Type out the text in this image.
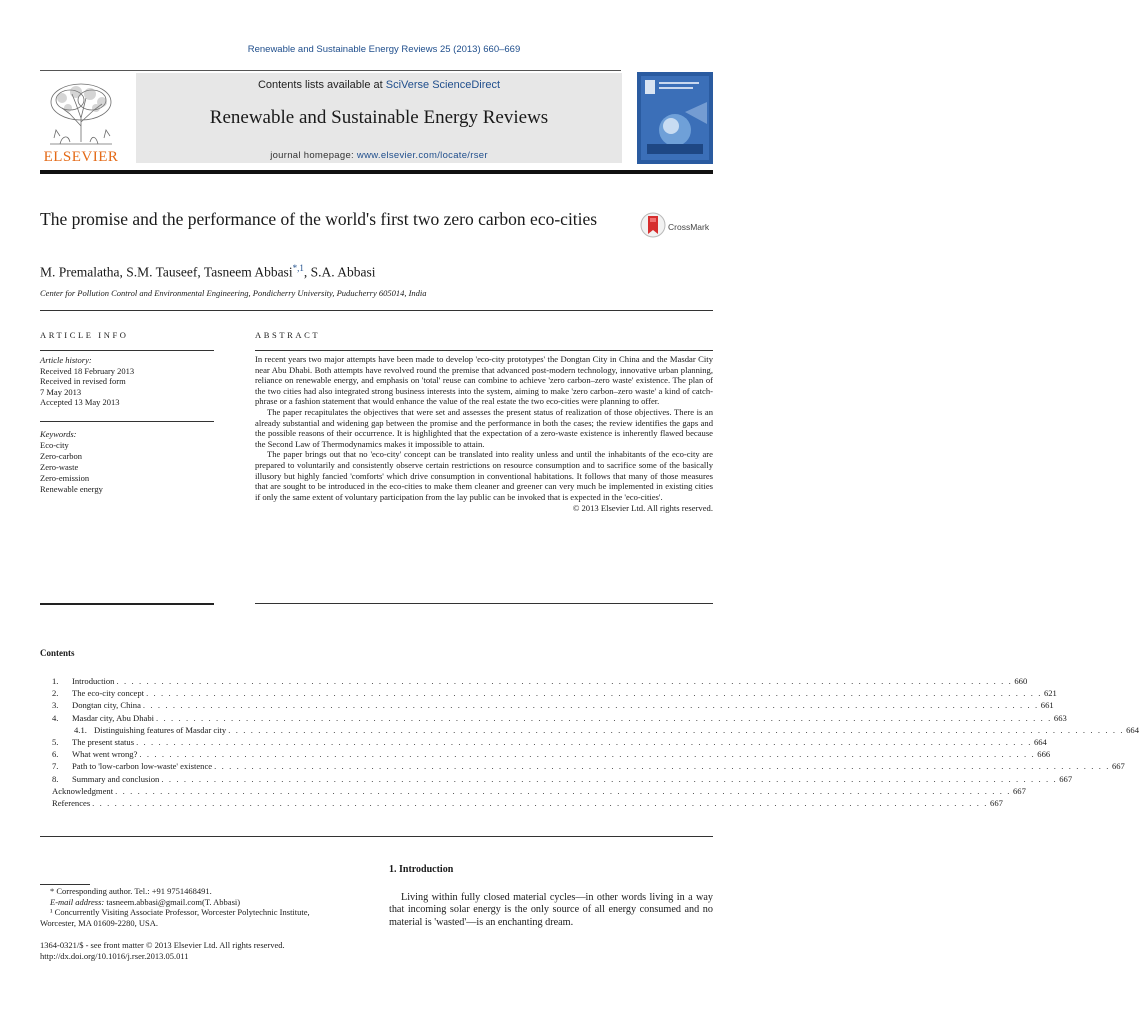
Renewable and Sustainable Energy Reviews 25 (2013) 660–669
ELSEVIER
Contents lists available at SciVerse ScienceDirect
Renewable and Sustainable Energy Reviews
journal homepage: www.elsevier.com/locate/rser
The promise and the performance of the world's first two zero carbon eco-cities	CrossMark
M. Premalatha, S.M. Tauseef, Tasneem Abbasi$^{*,1}$, S.A. Abbasi
Center for Pollution Control and Environmental Engineering, Pondicherry University, Puducherry 605014, India
ARTICLE INFO
Article history:
Received 18 February 2013
Received in revised form
7 May 2013
Accepted 13 May 2013
Keywords:
Eco-city
Zero-carbon
Zero-waste
Zero-emission
Renewable energy
ABSTRACT

In recent years two major attempts have been made to develop 'eco-city prototypes' the Dongtan City in China and the Masdar City near Abu Dhabi. Both attempts have revolved round the premise that advanced post-modern technology, innovative urban planning, reliance on renewable energy, and emphasis on 'total' reuse can combine to achieve 'zero carbon–zero waste' existence. The plan of the two cities had also integrated strong business interests into the system, aiming to make 'zero carbon–zero waste' a kind of catch-phrase or a fashion statement that would enhance the value of the real estate the two eco-cities were planning to offer.

The paper recapitulates the objectives that were set and assesses the present status of realization of those objectives. There is an already substantial and widening gap between the promise and the performance in both the cases; the review identifies the gaps and the possible reasons of their occurrence. It is highlighted that the expectation of a zero-waste existence is inherently flawed because the Second Law of Thermodynamics makes it impossible to attain.

The paper brings out that no 'eco-city' concept can be translated into reality unless and until the inhabitants of the eco-city are prepared to voluntarily and consistently observe certain restrictions on resource consumption and to sacrifice some of the basically illusory but highly fancied 'comforts' which drive consumption in conventional habitations. It follows that many of those measures that are sought to be introduced in the eco-cities to make them cleaner and greener can very much be implemented in existing cities if only the same extent of voluntary participation from the lay public can be invoked that is expected in the 'eco-cities'.

© 2013 Elsevier Ltd. All rights reserved.
Contents
1.	Introduction . . . . . . . . . . . . . . . . . . . . . . . . . . . . . . . . . . . . . . . . . . . . . . . . . . . . . . . . . . . . . . . . . . . . . . . . . . . . . . . . . . . . . . . . . . . . . . . . . . . . . . . . . . . . . . . . . . . . . . . . 660
2.	The eco-city concept . . . . . . . . . . . . . . . . . . . . . . . . . . . . . . . . . . . . . . . . . . . . . . . . . . . . . . . . . . . . . . . . . . . . . . . . . . . . . . . . . . . . . . . . . . . . . . . . . . . . . . . . . . . . . . . . . . . . . . . . 621
3.	Dongtan city, China . . . . . . . . . . . . . . . . . . . . . . . . . . . . . . . . . . . . . . . . . . . . . . . . . . . . . . . . . . . . . . . . . . . . . . . . . . . . . . . . . . . . . . . . . . . . . . . . . . . . . . . . . . . . . . . . . . . . . . . . 661
4.	Masdar city, Abu Dhabi . . . . . . . . . . . . . . . . . . . . . . . . . . . . . . . . . . . . . . . . . . . . . . . . . . . . . . . . . . . . . . . . . . . . . . . . . . . . . . . . . . . . . . . . . . . . . . . . . . . . . . . . . . . . . . . . . . . . . . . . 663
4.1. Distinguishing features of Masdar city . . . . . . . . . . . . . . . . . . . . . . . . . . . . . . . . . . . . . . . . . . . . . . . . . . . . . . . . . . . . . . . . . . . . . . . . . . . . . . . . . . . . . . . . . . . . . . . . . . . . . . . . . . . . . . . . . . . . . . . . 664
5.	The present status . . . . . . . . . . . . . . . . . . . . . . . . . . . . . . . . . . . . . . . . . . . . . . . . . . . . . . . . . . . . . . . . . . . . . . . . . . . . . . . . . . . . . . . . . . . . . . . . . . . . . . . . . . . . . . . . . . . . . . . . 664
6.	What went wrong? . . . . . . . . . . . . . . . . . . . . . . . . . . . . . . . . . . . . . . . . . . . . . . . . . . . . . . . . . . . . . . . . . . . . . . . . . . . . . . . . . . . . . . . . . . . . . . . . . . . . . . . . . . . . . . . . . . . . . . . . 666
7.	Path to 'low-carbon low-waste' existence . . . . . . . . . . . . . . . . . . . . . . . . . . . . . . . . . . . . . . . . . . . . . . . . . . . . . . . . . . . . . . . . . . . . . . . . . . . . . . . . . . . . . . . . . . . . . . . . . . . . . . . . . . . . . . . . . . . . . . . . 667
8.	Summary and conclusion . . . . . . . . . . . . . . . . . . . . . . . . . . . . . . . . . . . . . . . . . . . . . . . . . . . . . . . . . . . . . . . . . . . . . . . . . . . . . . . . . . . . . . . . . . . . . . . . . . . . . . . . . . . . . . . . . . . . . . . . 667
Acknowledgment . . . . . . . . . . . . . . . . . . . . . . . . . . . . . . . . . . . . . . . . . . . . . . . . . . . . . . . . . . . . . . . . . . . . . . . . . . . . . . . . . . . . . . . . . . . . . . . . . . . . . . . . . . . . . . . . . . . . . . . . 667
References . . . . . . . . . . . . . . . . . . . . . . . . . . . . . . . . . . . . . . . . . . . . . . . . . . . . . . . . . . . . . . . . . . . . . . . . . . . . . . . . . . . . . . . . . . . . . . . . . . . . . . . . . . . . . . . . . . . . . . . . 667
* Corresponding author. Tel.: +91 9751468491.
E-mail address: tasneem.abbasi@gmail.com(T. Abbasi)
¹ Concurrently Visiting Associate Professor, Worcester Polytechnic Institute,
Worcester, MA 01609-2280, USA.
1364-0321/$ - see front matter © 2013 Elsevier Ltd. All rights reserved.
http://dx.doi.org/10.1016/j.rser.2013.05.011
1. Introduction
Living within fully closed material cycles—in other words living in a way that incoming solar energy is the only source of all energy consumed and no material is 'wasted'—is an enchanting dream.
